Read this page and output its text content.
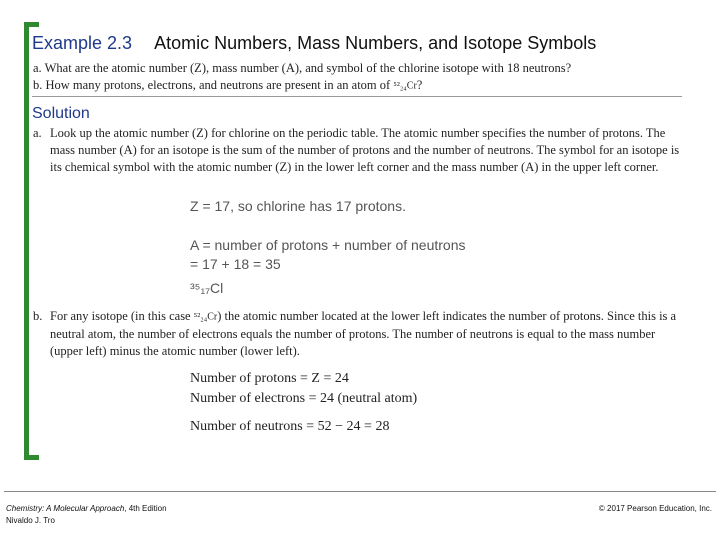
Example 2.3 Atomic Numbers, Mass Numbers, and Isotope Symbols
a. What are the atomic number (Z), mass number (A), and symbol of the chlorine isotope with 18 neutrons?
b. How many protons, electrons, and neutrons are present in an atom of ⁵²₂₄Cr?
Solution
a. Look up the atomic number (Z) for chlorine on the periodic table. The atomic number specifies the number of protons. The mass number (A) for an isotope is the sum of the number of protons and the number of neutrons. The symbol for an isotope is its chemical symbol with the atomic number (Z) in the lower left corner and the mass number (A) in the upper left corner.
Z = 17, so chlorine has 17 protons.
A = number of protons + number of neutrons
= 17 + 18 = 35
³⁵₁₇Cl
b. For any isotope (in this case ⁵²₂₄Cr) the atomic number located at the lower left indicates the number of protons. Since this is a neutral atom, the number of electrons equals the number of protons. The number of neutrons is equal to the mass number (upper left) minus the atomic number (lower left).
Number of protons = Z = 24
Number of electrons = 24 (neutral atom)
Number of neutrons = 52 − 24 = 28
Chemistry: A Molecular Approach, 4th Edition
Nivaldo J. Tro
© 2017 Pearson Education, Inc.
